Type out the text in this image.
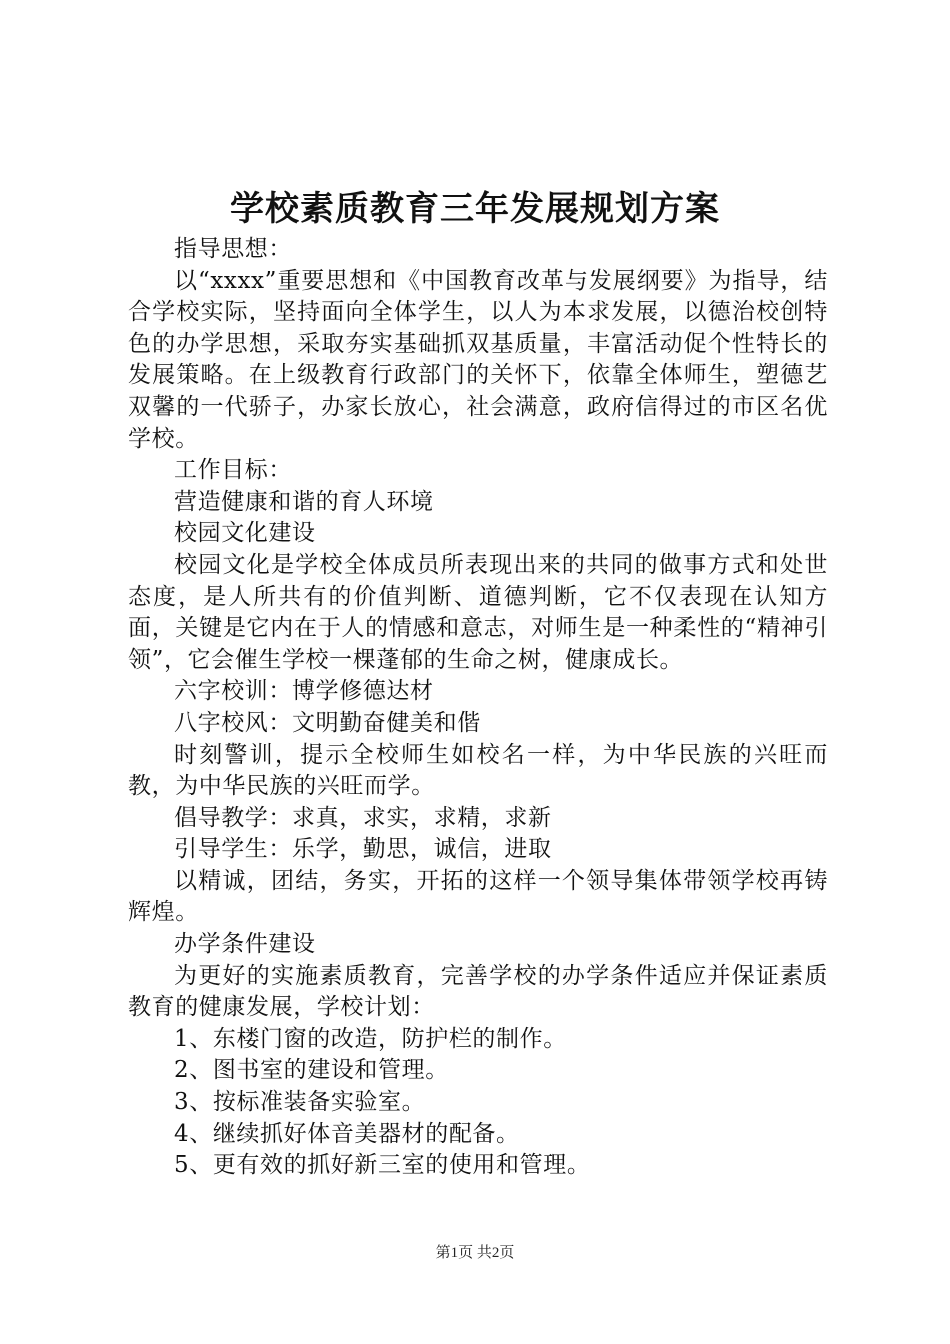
学校素质教育三年发展规划方案

指导思想：

以“xxxx”重要思想和《中国教育改革与发展纲要》为指导，结合学校实际，坚持面向全体学生，以人为本求发展，以德治校创特色的办学思想，采取夯实基础抓双基质量，丰富活动促个性特长的发展策略。在上级教育行政部门的关怀下，依靠全体师生，塑德艺双馨的一代骄子，办家长放心，社会满意，政府信得过的市区名优学校。

工作目标：

营造健康和谐的育人环境

校园文化建设

校园文化是学校全体成员所表现出来的共同的做事方式和处世态度，是人所共有的价值判断、道德判断，它不仅表现在认知方面，关键是它内在于人的情感和意志，对师生是一种柔性的“精神引领”，它会催生学校一棵蓬郁的生命之树，健康成长。

六字校训：博学修德达材

八字校风：文明勤奋健美和偕

时刻警训，提示全校师生如校名一样，为中华民族的兴旺而教，为中华民族的兴旺而学。

倡导教学：求真，求实，求精，求新

引导学生：乐学，勤思，诚信，进取

以精诚，团结，务实，开拓的这样一个领导集体带领学校再铸辉煌。

办学条件建设

为更好的实施素质教育，完善学校的办学条件适应并保证素质教育的健康发展，学校计划：

1、东楼门窗的改造，防护栏的制作。

2、图书室的建设和管理。

3、按标准装备实验室。

4、继续抓好体音美器材的配备。

5、更有效的抓好新三室的使用和管理。

第1页 共2页
